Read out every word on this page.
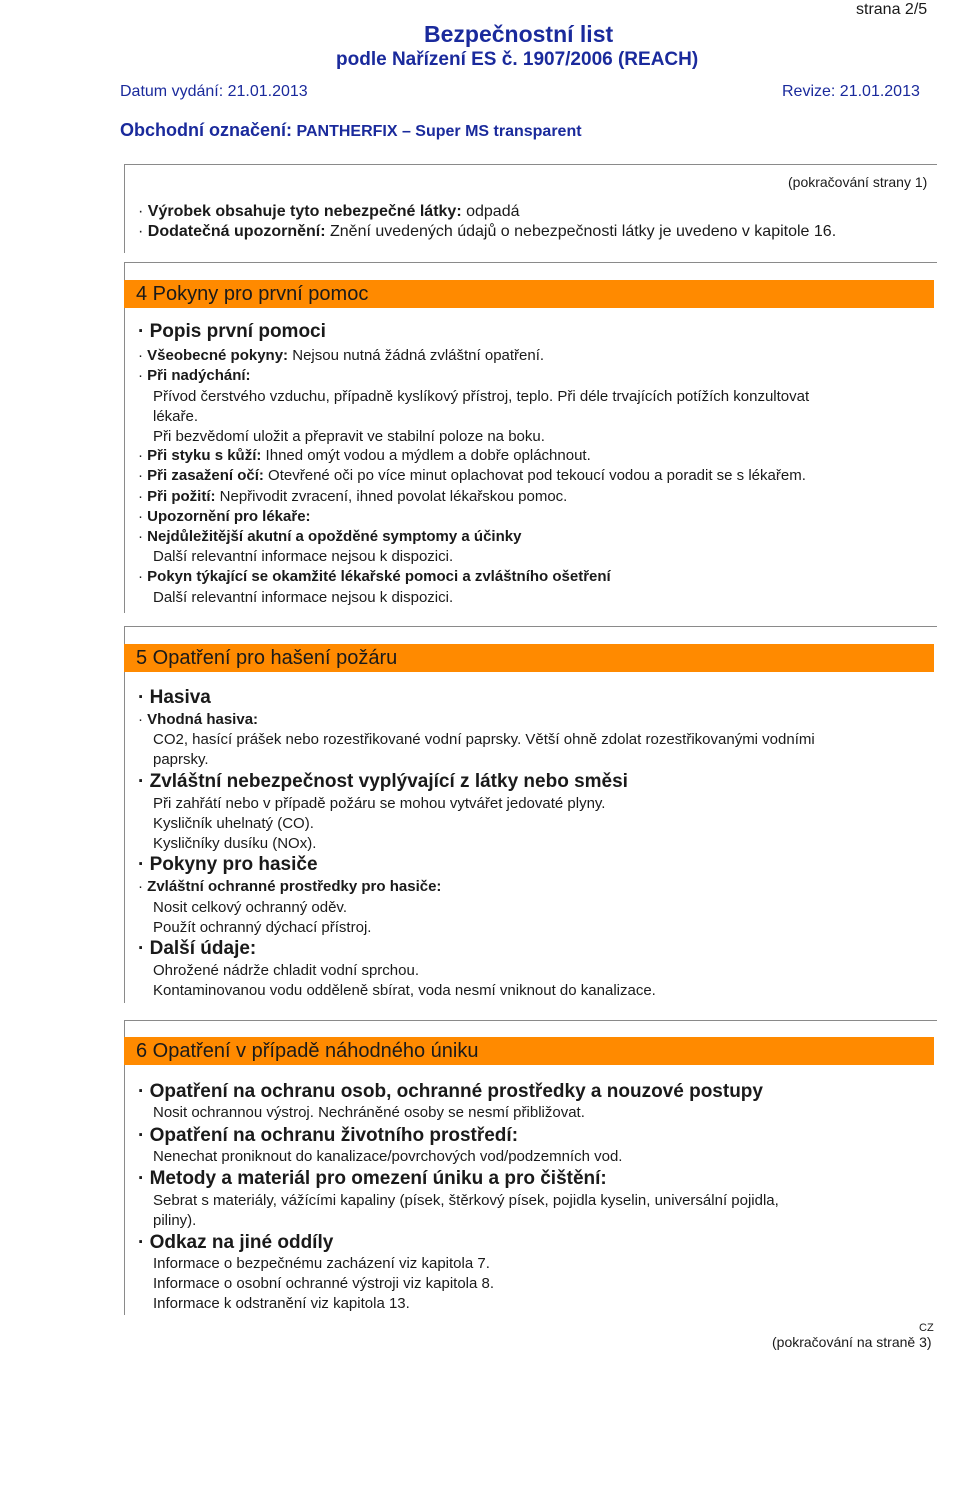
strana 2/5
Bezpečnostní list
podle Nařízení ES č. 1907/2006 (REACH)
Datum vydání: 21.01.2013	Revize: 21.01.2013
Obchodní označení: PANTHERFIX – Super MS transparent
(pokračování strany 1)
· Výrobek obsahuje tyto nebezpečné látky: odpadá
· Dodatečná upozornění: Znění uvedených údajů o nebezpečnosti látky je uvedeno v kapitole 16.
4 Pokyny pro první pomoc
· Popis první pomoci
· Všeobecné pokyny: Nejsou nutná žádná zvláštní opatření.
· Při nadýchání:
Přívod čerstvého vzduchu, případně kyslíkový přístroj, teplo. Při déle trvajících potížích konzultovat
lékaře.
Při bezvědomí uložit a přepravit ve stabilní poloze na boku.
· Při styku s kůží: Ihned omýt vodou a mýdlem a dobře opláchnout.
· Při zasažení očí: Otevřené oči po více minut oplachovat pod tekoucí vodou a poradit se s lékařem.
· Při požití: Nepřivodit zvracení, ihned povolat lékařskou pomoc.
· Upozornění pro lékaře:
· Nejdůležitější akutní a opožděné symptomy a účinky
Další relevantní informace nejsou k dispozici.
· Pokyn týkající se okamžité lékařské pomoci a zvláštního ošetření
Další relevantní informace nejsou k dispozici.
5 Opatření pro hašení požáru
· Hasiva
· Vhodná hasiva:
CO2, hasící prášek nebo rozestřikované vodní paprsky. Větší ohně zdolat rozestřikovanými vodními
paprsky.
· Zvláštní nebezpečnost vyplývající z látky nebo směsi
Při zahřátí nebo v případě požáru se mohou vytvářet jedovaté plyny.
Kysličník uhelnatý (CO).
Kysličníky dusíku (NOx).
· Pokyny pro hasiče
· Zvláštní ochranné prostředky pro hasiče:
Nosit celkový ochranný oděv.
Použít ochranný dýchací přístroj.
· Další údaje:
Ohrožené nádrže chladit vodní sprchou.
Kontaminovanou vodu odděleně sbírat, voda nesmí vniknout do kanalizace.
6 Opatření v případě náhodného úniku
· Opatření na ochranu osob, ochranné prostředky a nouzové postupy
Nosit ochrannou výstroj. Nechráněné osoby se nesmí přibližovat.
· Opatření na ochranu životního prostředí:
Nenechat proniknout do kanalizace/povrchových vod/podzemních vod.
· Metody a materiál pro omezení úniku a pro čištění:
Sebrat s materiály, vážícími kapaliny (písek, štěrkový písek, pojidla kyselin, universální pojidla,
piliny).
· Odkaz na jiné oddíly
Informace o bezpečnému zacházení viz kapitola 7.
Informace o osobní ochranné výstroji viz kapitola 8.
Informace k odstranění viz kapitola 13.
CZ
(pokračování na straně 3)
